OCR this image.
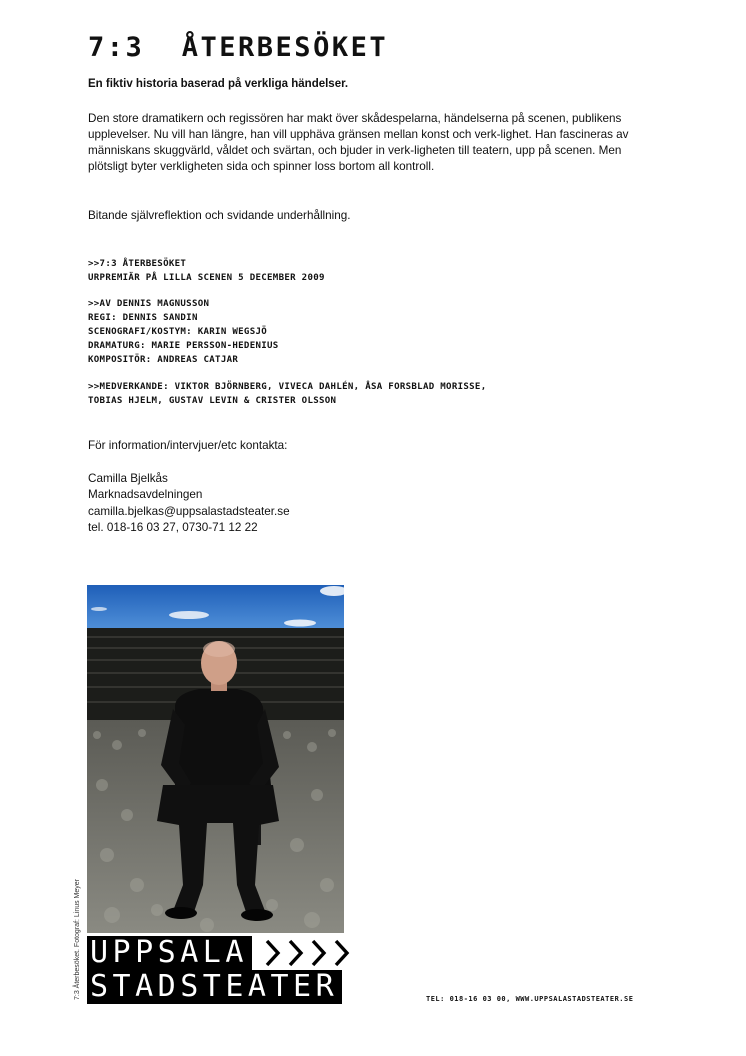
7:3  ÅTERBESÖKET

En fiktiv historia baserad på verkliga händelser.

Den store dramatikern och regissören har makt över skådespelarna, händelserna på scenen, publikens upplevelser. Nu vill han längre, han vill upphäva gränsen mellan konst och verk-lighet. Han fascineras av människans skuggvärld, våldet och svärtan, och bjuder in verk-ligheten till teatern, upp på scenen. Men plötsligt byter verkligheten sida och spinner loss bortom all kontroll.

Bitande självreflektion och svidande underhållning.

>>7:3 ÅTERBESÖKET
URPREMIÄR PÅ LILLA SCENEN 5 DECEMBER 2009
>>AV DENNIS MAGNUSSON
REGI: DENNIS SANDIN
SCENOGRAFI/KOSTYM: KARIN WEGSJÖ
DRAMATURG: MARIE PERSSON-HEDENIUS
KOMPOSITÖR: ANDREAS CATJAR
>>MEDVERKANDE: VIKTOR BJÖRNBERG, VIVECA DAHLÉN, ÅSA FORSBLAD MORISSE,
TOBIAS HJELM, GUSTAV LEVIN & CRISTER OLSSON

För information/intervjuer/etc kontakta:

Camilla Bjelkås
Marknadsavdelningen
camilla.bjelkas@uppsalastadsteater.se
tel. 018-16 03 27, 0730-71 12 22
7:3 Återbesöket. Fotograf: Linus Meyer UPPSALA
STADSTEATER	TEL: 018-16 03 00, WWW.UPPSALASTADSTEATER.SE
